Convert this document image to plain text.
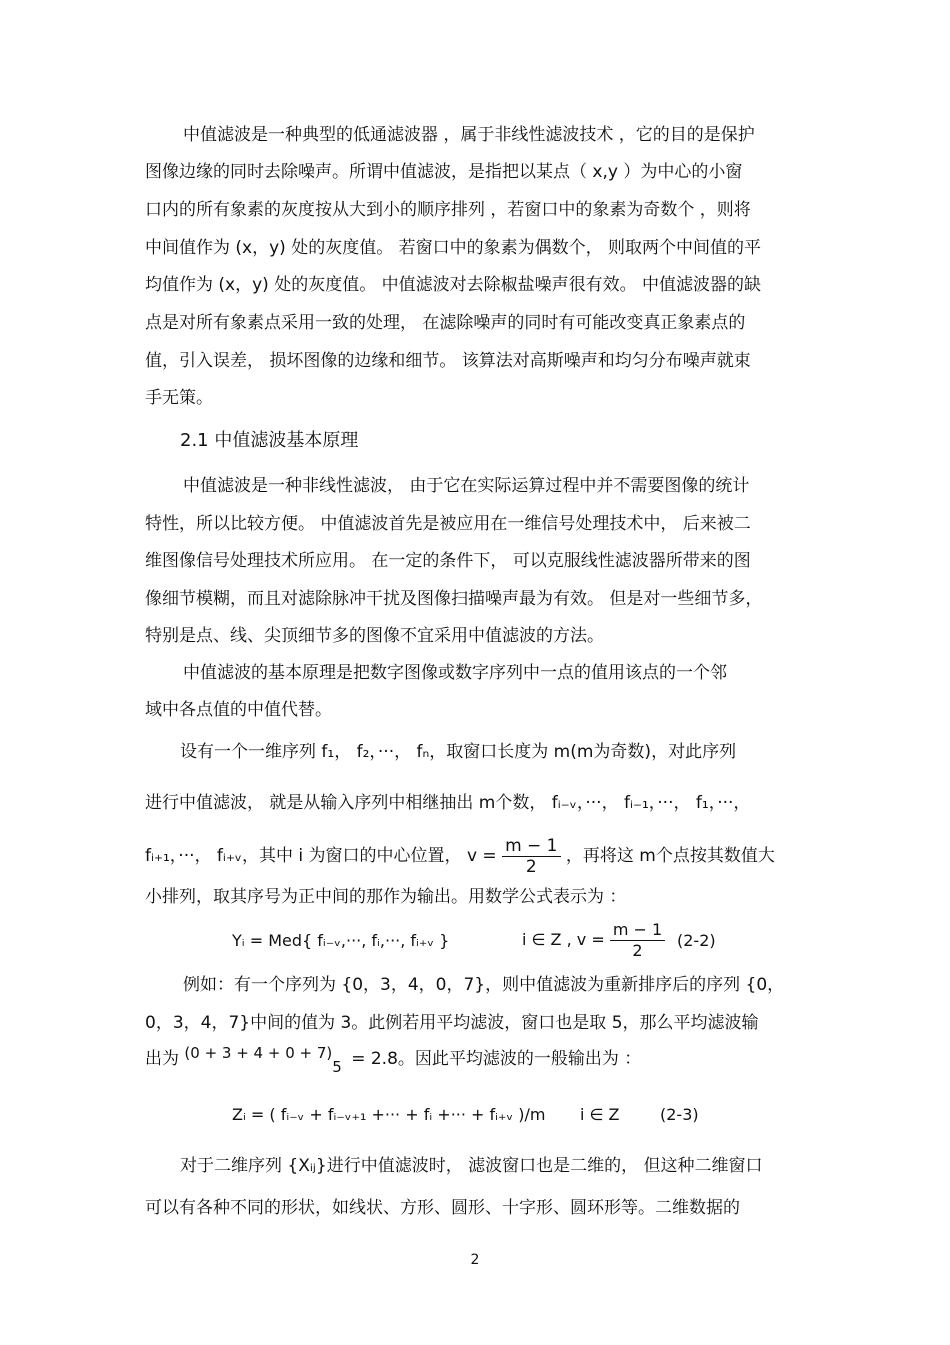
中值滤波是一种典型的低通滤波器 ，属于非线性滤波技术 ，它的目的是保护
图像边缘的同时去除噪声。所谓中值滤波，是指把以某点（ x,y ）为中心的小窗
口内的所有象素的灰度按从大到小的顺序排列 ，若窗口中的象素为奇数个 ，则将
中间值作为 (x，y) 处的灰度值。 若窗口中的象素为偶数个， 则取两个中间值的平
均值作为 (x，y) 处的灰度值。 中值滤波对去除椒盐噪声很有效。 中值滤波器的缺
点是对所有象素点采用一致的处理， 在滤除噪声的同时有可能改变真正象素点的
值，引入误差， 损坏图像的边缘和细节。 该算法对高斯噪声和均匀分布噪声就束
手无策。
2.1 中值滤波基本原理
中值滤波是一种非线性滤波， 由于它在实际运算过程中并不需要图像的统计
特性，所以比较方便。 中值滤波首先是被应用在一维信号处理技术中， 后来被二
维图像信号处理技术所应用。 在一定的条件下， 可以克服线性滤波器所带来的图
像细节模糊，而且对滤除脉冲干扰及图像扫描噪声最为有效。 但是对一些细节多，
特别是点、线、尖顶细节多的图像不宜采用中值滤波的方法。
中值滤波的基本原理是把数字图像或数字序列中一点的值用该点的一个邻
域中各点值的中值代替。
设有一个一维序列 f₁， f₂，···， fₙ，取窗口长度为 m(m为奇数)，对此序列
进行中值滤波， 就是从输入序列中相继抽出 m个数， fᵢ₋ᵥ，···， fᵢ₋₁，···， f₁，···，
fᵢ₊₁，···， fᵢ₊ᵥ，其中 i 为窗口的中心位置， $v = \frac{m - 1}{2}$ ，再将这 m个点按其数值大
小排列，取其序号为正中间的那作为输出。用数学公式表示为 ：
Yᵢ = Med{ fᵢ₋ᵥ,···, fᵢ,···, fᵢ₊ᵥ }	i ∈ Z , $v = \frac{m - 1}{2} (2-2)$
例如：有一个序列为 {0，3，4，0，7}，则中值滤波为重新排序后的序列 {0，
0，3，4，7}中间的值为 3。此例若用平均滤波，窗口也是取 5，那么平均滤波输
出为 (0 + 3 + 4 + 0 + 7)5 = 2.8。因此平均滤波的一般输出为 ：
Zᵢ = ( fᵢ₋ᵥ + fᵢ₋ᵥ₊₁ +··· + fᵢ +··· + fᵢ₊ᵥ )∕m i ∈ Z	(2-3)
对于二维序列 {Xᵢⱼ}进行中值滤波时， 滤波窗口也是二维的， 但这种二维窗口
可以有各种不同的形状，如线状、方形、圆形、十字形、圆环形等。二维数据的
2
